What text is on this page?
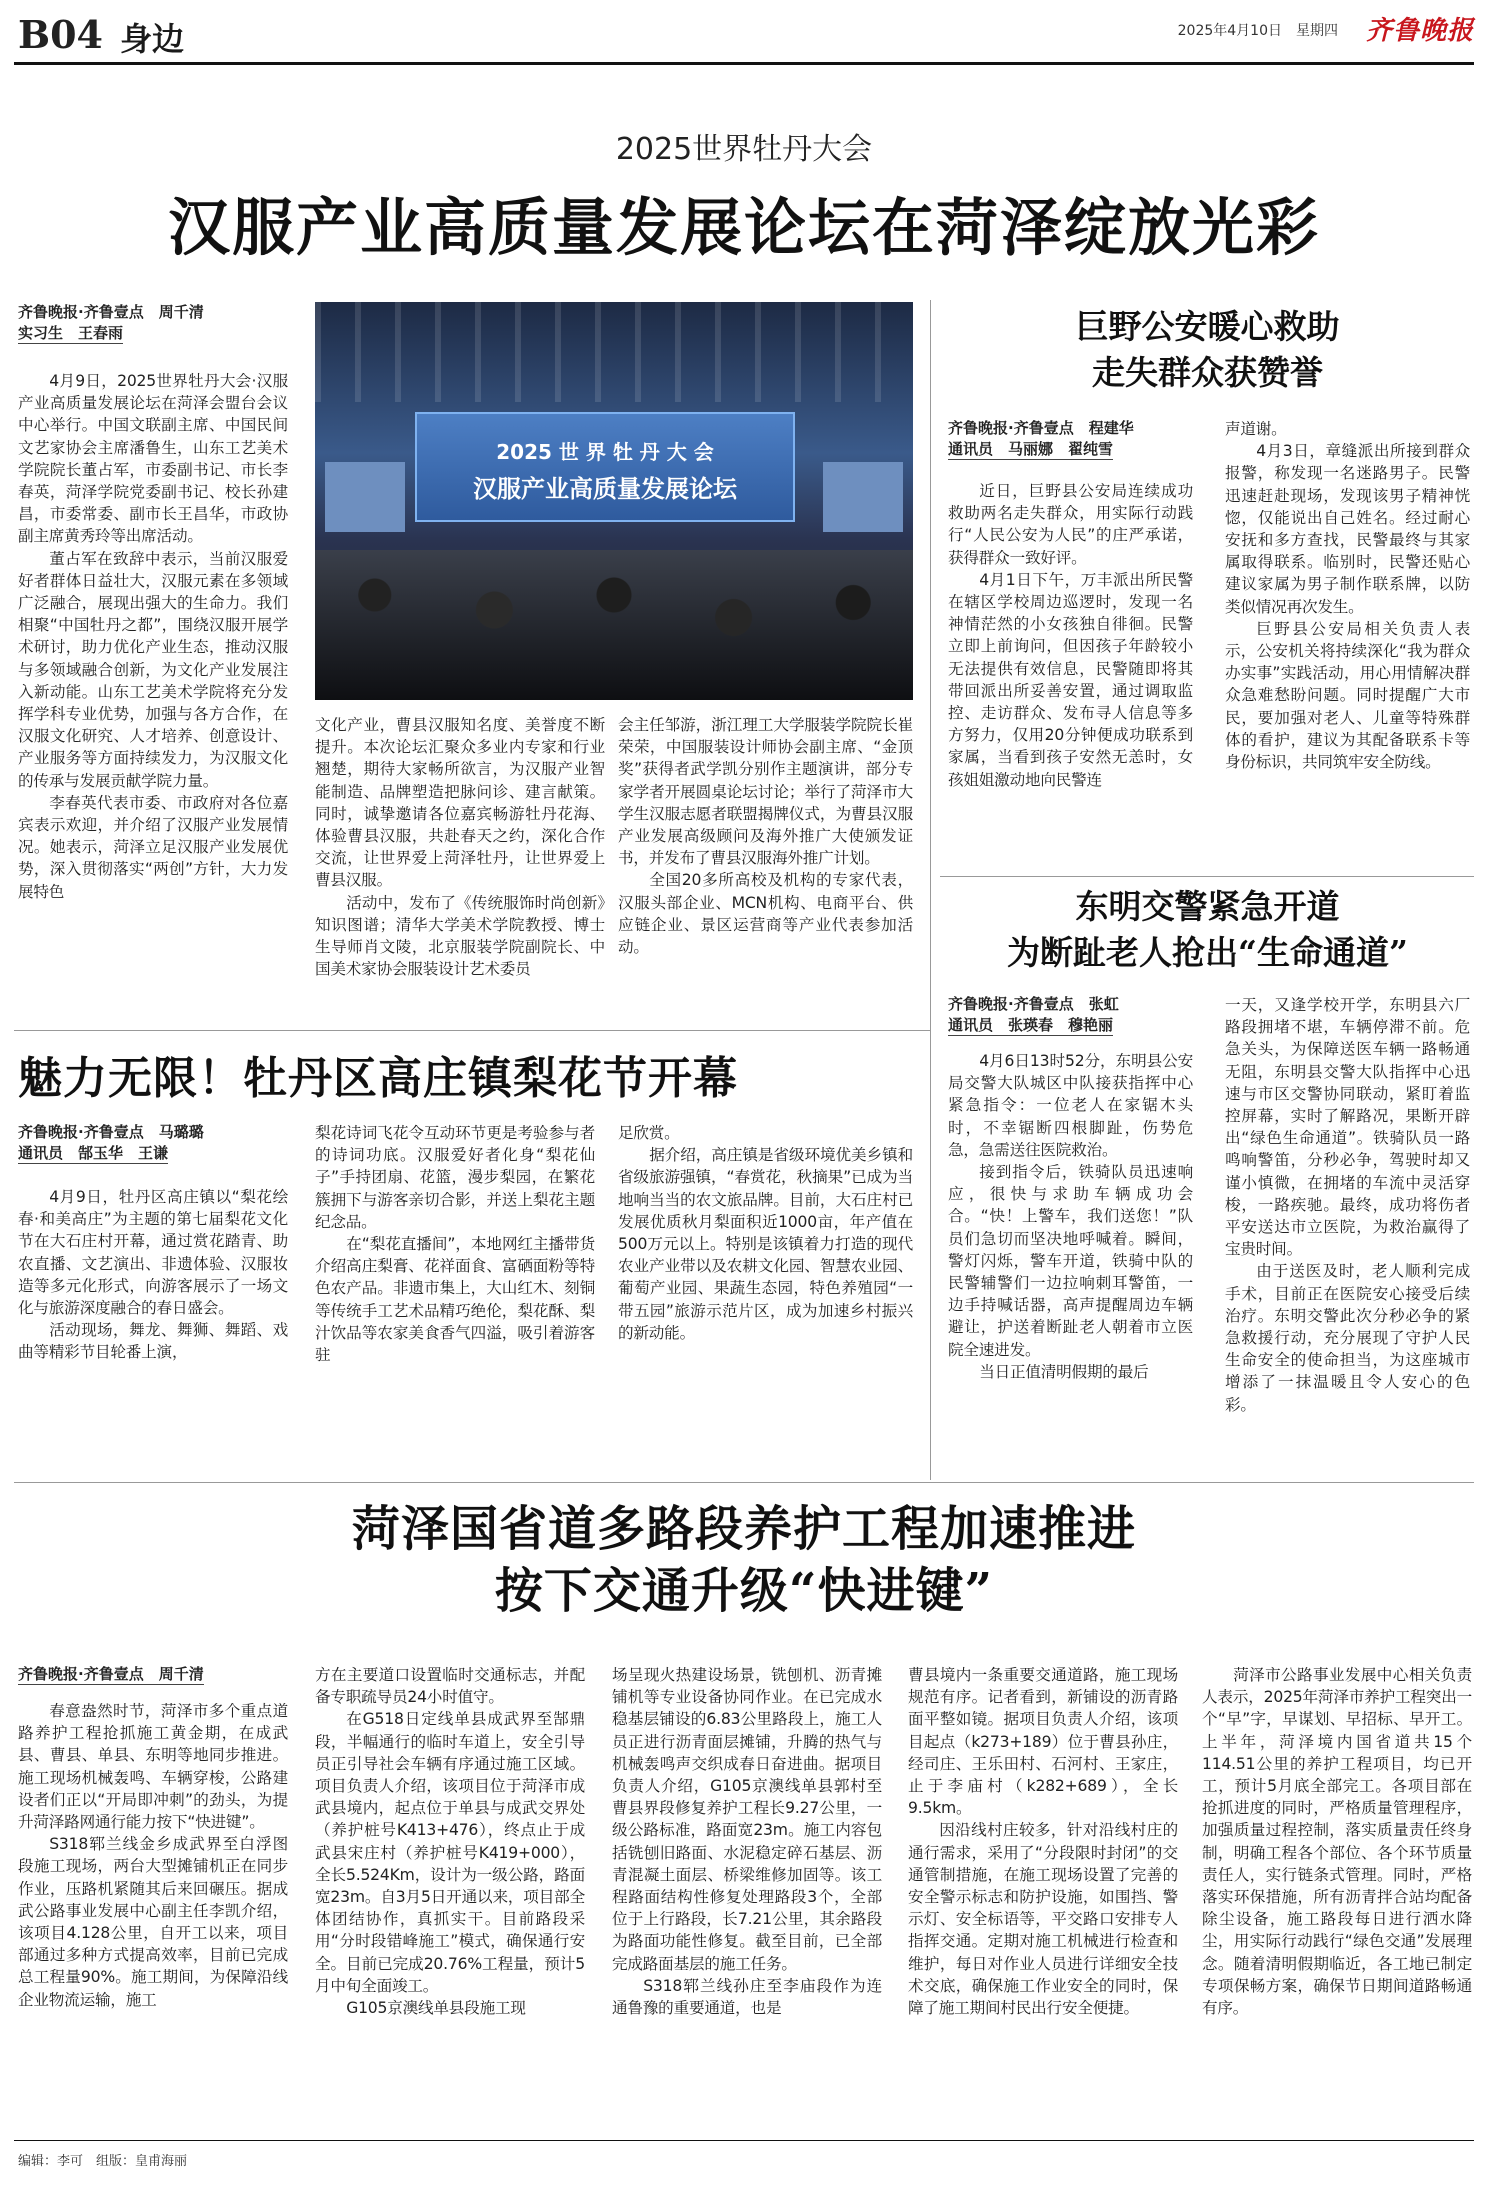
B04 身边	2025年4月10日　星期四 齐鲁晚报
2025世界牡丹大会
汉服产业高质量发展论坛在菏泽绽放光彩
齐鲁晚报·齐鲁壹点　周千清
实习生　王春雨

4月9日，2025世界牡丹大会·汉服产业高质量发展论坛在菏泽会盟台会议中心举行。中国文联副主席、中国民间文艺家协会主席潘鲁生，山东工艺美术学院院长董占军，市委副书记、市长李春英，菏泽学院党委副书记、校长孙建昌，市委常委、副市长王昌华，市政协副主席黄秀玲等出席活动。

董占军在致辞中表示，当前汉服爱好者群体日益壮大，汉服元素在多领域广泛融合，展现出强大的生命力。我们相聚“中国牡丹之都”，围绕汉服开展学术研讨，助力优化产业生态，推动汉服与多领域融合创新，为文化产业发展注入新动能。山东工艺美术学院将充分发挥学科专业优势，加强与各方合作，在汉服文化研究、人才培养、创意设计、产业服务等方面持续发力，为汉服文化的传承与发展贡献学院力量。

李春英代表市委、市政府对各位嘉宾表示欢迎，并介绍了汉服产业发展情况。她表示，菏泽立足汉服产业发展优势，深入贯彻落实“两创”方针，大力发展特色

2025 世 界 牡 丹 大 会
汉服产业高质量发展论坛

文化产业，曹县汉服知名度、美誉度不断提升。本次论坛汇聚众多业内专家和行业翘楚，期待大家畅所欲言，为汉服产业智能制造、品牌塑造把脉问诊、建言献策。同时，诚挚邀请各位嘉宾畅游牡丹花海、体验曹县汉服，共赴春天之约，深化合作交流，让世界爱上菏泽牡丹，让世界爱上曹县汉服。

活动中，发布了《传统服饰时尚创新》知识图谱；清华大学美术学院教授、博士生导师肖文陵，北京服装学院副院长、中国美术家协会服装设计艺术委员

会主任邹游，浙江理工大学服装学院院长崔荣荣，中国服装设计师协会副主席、“金顶奖”获得者武学凯分别作主题演讲，部分专家学者开展圆桌论坛讨论；举行了菏泽市大学生汉服志愿者联盟揭牌仪式，为曹县汉服产业发展高级顾问及海外推广大使颁发证书，并发布了曹县汉服海外推广计划。

全国20多所高校及机构的专家代表，汉服头部企业、MCN机构、电商平台、供应链企业、景区运营商等产业代表参加活动。

巨野公安暖心救助
走失群众获赞誉
齐鲁晚报·齐鲁壹点　程建华
通讯员　马丽娜　翟纯雪

近日，巨野县公安局连续成功救助两名走失群众，用实际行动践行“人民公安为人民”的庄严承诺，获得群众一致好评。

4月1日下午，万丰派出所民警在辖区学校周边巡逻时，发现一名神情茫然的小女孩独自徘徊。民警立即上前询问，但因孩子年龄较小无法提供有效信息，民警随即将其带回派出所妥善安置，通过调取监控、走访群众、发布寻人信息等多方努力，仅用20分钟便成功联系到家属，当看到孩子安然无恙时，女孩姐姐激动地向民警连

声道谢。

4月3日，章缝派出所接到群众报警，称发现一名迷路男子。民警迅速赶赴现场，发现该男子精神恍惚，仅能说出自己姓名。经过耐心安抚和多方查找，民警最终与其家属取得联系。临别时，民警还贴心建议家属为男子制作联系牌，以防类似情况再次发生。

巨野县公安局相关负责人表示，公安机关将持续深化“我为群众办实事”实践活动，用心用情解决群众急难愁盼问题。同时提醒广大市民，要加强对老人、儿童等特殊群体的看护，建议为其配备联系卡等身份标识，共同筑牢安全防线。

东明交警紧急开道
为断趾老人抢出“生命通道”
齐鲁晚报·齐鲁壹点　张虹
通讯员　张瑛春　穆艳丽

4月6日13时52分，东明县公安局交警大队城区中队接获指挥中心紧急指令：一位老人在家锯木头时，不幸锯断四根脚趾，伤势危急，急需送往医院救治。

接到指令后，铁骑队员迅速响应，很快与求助车辆成功会合。“快！上警车，我们送您！”队员们急切而坚决地呼喊着。瞬间，警灯闪烁，警车开道，铁骑中队的民警辅警们一边拉响刺耳警笛，一边手持喊话器，高声提醒周边车辆避让，护送着断趾老人朝着市立医院全速进发。

当日正值清明假期的最后

一天，又逢学校开学，东明县六厂路段拥堵不堪，车辆停滞不前。危急关头，为保障送医车辆一路畅通无阻，东明县交警大队指挥中心迅速与市区交警协同联动，紧盯着监控屏幕，实时了解路况，果断开辟出“绿色生命通道”。铁骑队员一路鸣响警笛，分秒必争，驾驶时却又谨小慎微，在拥堵的车流中灵活穿梭，一路疾驰。最终，成功将伤者平安送达市立医院，为救治赢得了宝贵时间。

由于送医及时，老人顺利完成手术，目前正在医院安心接受后续治疗。东明交警此次分秒必争的紧急救援行动，充分展现了守护人民生命安全的使命担当，为这座城市增添了一抹温暖且令人安心的色彩。

魅力无限！牡丹区高庄镇梨花节开幕
齐鲁晚报·齐鲁壹点　马璐璐
通讯员　郜玉华　王谦

4月9日，牡丹区高庄镇以“梨花绘春·和美高庄”为主题的第七届梨花文化节在大石庄村开幕，通过赏花踏青、助农直播、文艺演出、非遗体验、汉服妆造等多元化形式，向游客展示了一场文化与旅游深度融合的春日盛会。

活动现场，舞龙、舞狮、舞蹈、戏曲等精彩节目轮番上演，

梨花诗词飞花令互动环节更是考验参与者的诗词功底。汉服爱好者化身“梨花仙子”手持团扇、花篮，漫步梨园，在繁花簇拥下与游客亲切合影，并送上梨花主题纪念品。

在“梨花直播间”，本地网红主播带货介绍高庄梨膏、花祥面食、富硒面粉等特色农产品。非遗市集上，大山红木、刻铜等传统手工艺术品精巧绝伦，梨花酥、梨汁饮品等农家美食香气四溢，吸引着游客驻

足欣赏。

据介绍，高庄镇是省级环境优美乡镇和省级旅游强镇，“春赏花，秋摘果”已成为当地响当当的农文旅品牌。目前，大石庄村已发展优质秋月梨面积近1000亩，年产值在500万元以上。特别是该镇着力打造的现代农业产业带以及农耕文化园、智慧农业园、葡萄产业园、果蔬生态园，特色养殖园“一带五园”旅游示范片区，成为加速乡村振兴的新动能。

菏泽国省道多路段养护工程加速推进
按下交通升级“快进键”
齐鲁晚报·齐鲁壹点　周千清

春意盎然时节，菏泽市多个重点道路养护工程抢抓施工黄金期，在成武县、曹县、单县、东明等地同步推进。施工现场机械轰鸣、车辆穿梭，公路建设者们正以“开局即冲刺”的劲头，为提升菏泽路网通行能力按下“快进键”。

S318郓兰线金乡成武界至白浮图段施工现场，两台大型摊铺机正在同步作业，压路机紧随其后来回碾压。据成武公路事业发展中心副主任李凯介绍，该项目4.128公里，自开工以来，项目部通过多种方式提高效率，目前已完成总工程量90%。施工期间，为保障沿线企业物流运输，施工

方在主要道口设置临时交通标志，并配备专职疏导员24小时值守。

在G518日定线单县成武界至郜鼎段，半幅通行的临时车道上，安全引导员正引导社会车辆有序通过施工区域。项目负责人介绍，该项目位于菏泽市成武县境内，起点位于单县与成武交界处（养护桩号K413+476），终点止于成武县宋庄村（养护桩号K419+000），全长5.524Km，设计为一级公路，路面宽23m。自3月5日开通以来，项目部全体团结协作，真抓实干。目前路段采用“分时段错峰施工”模式，确保通行安全。目前已完成20.76%工程量，预计5月中旬全面竣工。

G105京澳线单县段施工现

场呈现火热建设场景，铣刨机、沥青摊铺机等专业设备协同作业。在已完成水稳基层铺设的6.83公里路段上，施工人员正进行沥青面层摊铺，升腾的热气与机械轰鸣声交织成春日奋进曲。据项目负责人介绍，G105京澳线单县郭村至曹县界段修复养护工程长9.27公里，一级公路标准，路面宽23m。施工内容包括铣刨旧路面、水泥稳定碎石基层、沥青混凝土面层、桥梁维修加固等。该工程路面结构性修复处理路段3个，全部位于上行路段，长7.21公里，其余路段为路面功能性修复。截至目前，已全部完成路面基层的施工任务。

S318郓兰线孙庄至李庙段作为连通鲁豫的重要通道，也是

曹县境内一条重要交通道路，施工现场规范有序。记者看到，新铺设的沥青路面平整如镜。据项目负责人介绍，该项目起点（k273+189）位于曹县孙庄，经司庄、王乐田村、石河村、王家庄，止于李庙村（k282+689），全长9.5km。

因沿线村庄较多，针对沿线村庄的通行需求，采用了“分段限时封闭”的交通管制措施，在施工现场设置了完善的安全警示标志和防护设施，如围挡、警示灯、安全标语等，平交路口安排专人指挥交通。定期对施工机械进行检查和维护，每日对作业人员进行详细安全技术交底，确保施工作业安全的同时，保障了施工期间村民出行安全便捷。

菏泽市公路事业发展中心相关负责人表示，2025年菏泽市养护工程突出一个“早”字，早谋划、早招标、早开工。上半年，菏泽境内国省道共15个114.51公里的养护工程项目，均已开工，预计5月底全部完工。各项目部在抢抓进度的同时，严格质量管理程序，加强质量过程控制，落实质量责任终身制，明确工程各个部位、各个环节质量责任人，实行链条式管理。同时，严格落实环保措施，所有沥青拌合站均配备除尘设备，施工路段每日进行洒水降尘，用实际行动践行“绿色交通”发展理念。随着清明假期临近，各工地已制定专项保畅方案，确保节日期间道路畅通有序。

编辑：李可　组版：皇甫海丽
